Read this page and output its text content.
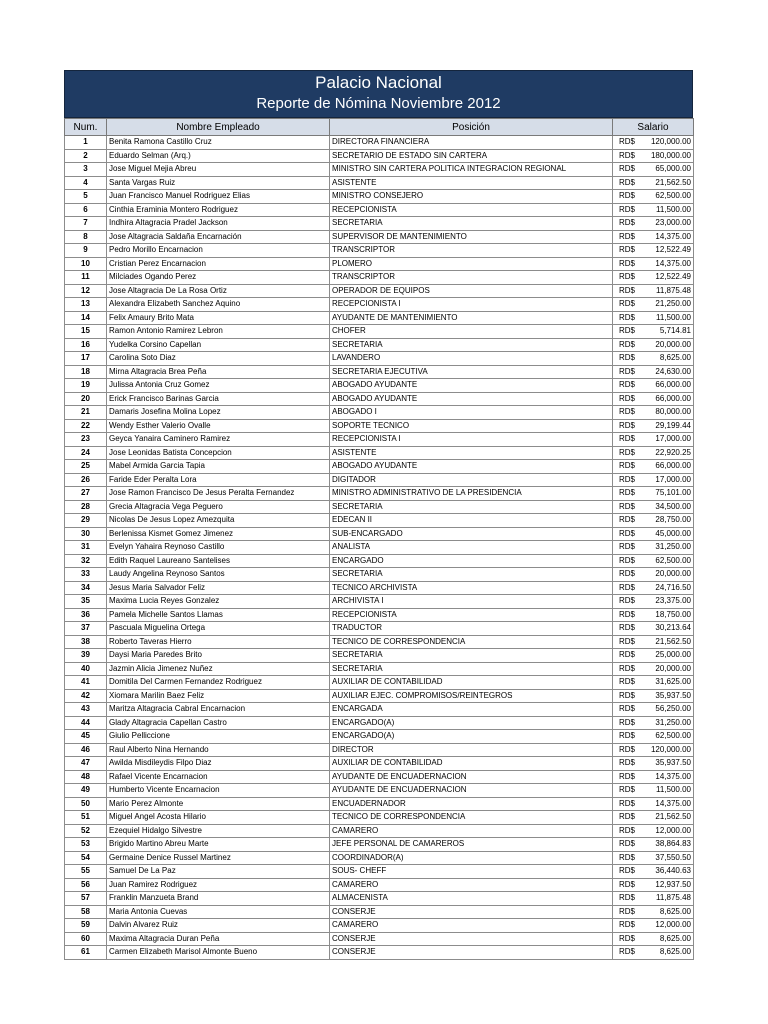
Palacio Nacional
Reporte de Nómina Noviembre 2012
Num.	Nombre Empleado	Posición	Salario
1	Benita Ramona Castillo Cruz	DIRECTORA FINANCIERA	RD$ 120,000.00

2	Eduardo Selman (Arq.)	SECRETARIO DE ESTADO SIN CARTERA	RD$ 180,000.00

3	Jose Miguel Mejia Abreu	MINISTRO SIN CARTERA POLITICA INTEGRACION REGIONAL	RD$ 65,000.00

4	Santa Vargas Ruiz	ASISTENTE	RD$ 21,562.50

5	Juan Francisco Manuel Rodriguez Elias	MINISTRO CONSEJERO	RD$ 62,500.00

6	Cinthia Eraminia Montero Rodriguez	RECEPCIONISTA	RD$ 11,500.00

7	Indhira Altagracia Pradel Jackson	SECRETARIA	RD$ 23,000.00

8	Jose Altagracia Saldaña Encarnación	SUPERVISOR DE MANTENIMIENTO	RD$ 14,375.00

9	Pedro Morillo Encarnacion	TRANSCRIPTOR	RD$ 12,522.49

10	Cristian Perez Encarnacion	PLOMERO	RD$ 14,375.00

11	Milciades Ogando Perez	TRANSCRIPTOR	RD$ 12,522.49

12	Jose Altagracia De La Rosa Ortiz	OPERADOR DE EQUIPOS	RD$ 11,875.48

13	Alexandra Elizabeth Sanchez Aquino	RECEPCIONISTA I	RD$ 21,250.00

14	Felix Amaury Brito Mata	AYUDANTE DE MANTENIMIENTO	RD$ 11,500.00

15	Ramon Antonio Ramirez Lebron	CHOFER	RD$ 5,714.81

16	Yudelka Corsino Capellan	SECRETARIA	RD$ 20,000.00

17	Carolina Soto Diaz	LAVANDERO	RD$ 8,625.00

18	Mirna Altagracia Brea Peña	SECRETARIA EJECUTIVA	RD$ 24,630.00

19	Julissa Antonia Cruz Gomez	ABOGADO AYUDANTE	RD$ 66,000.00

20	Erick Francisco Barinas Garcia	ABOGADO AYUDANTE	RD$ 66,000.00

21	Damaris Josefina Molina Lopez	ABOGADO I	RD$ 80,000.00

22	Wendy Esther Valerio Ovalle	SOPORTE TECNICO	RD$ 29,199.44

23	Geyca Yanaira Caminero Ramirez	RECEPCIONISTA I	RD$ 17,000.00

24	Jose Leonidas Batista Concepcion	ASISTENTE	RD$ 22,920.25

25	Mabel Armida Garcia Tapia	ABOGADO AYUDANTE	RD$ 66,000.00

26	Faride Eder Peralta Lora	DIGITADOR	RD$ 17,000.00

27	Jose Ramon Francisco De Jesus Peralta Fernandez	MINISTRO ADMINISTRATIVO DE LA PRESIDENCIA	RD$ 75,101.00

28	Grecia Altagracia Vega Peguero	SECRETARIA	RD$ 34,500.00

29	Nicolas De Jesus Lopez Amezquita	EDECAN II	RD$ 28,750.00

30	Berlenissa Kismet Gomez Jimenez	SUB-ENCARGADO	RD$ 45,000.00

31	Evelyn Yahaira Reynoso Castillo	ANALISTA	RD$ 31,250.00

32	Edith Raquel Laureano Santelises	ENCARGADO	RD$ 62,500.00

33	Laudy Angelina Reynoso Santos	SECRETARIA	RD$ 20,000.00

34	Jesus Maria Salvador Feliz	TECNICO ARCHIVISTA	RD$ 24,716.50

35	Maxima Lucia Reyes Gonzalez	ARCHIVISTA I	RD$ 23,375.00

36	Pamela Michelle Santos Llamas	RECEPCIONISTA	RD$ 18,750.00

37	Pascuala Miguelina Ortega	TRADUCTOR	RD$ 30,213.64

38	Roberto Taveras Hierro	TECNICO DE CORRESPONDENCIA	RD$ 21,562.50

39	Daysi Maria Paredes Brito	SECRETARIA	RD$ 25,000.00

40	Jazmin Alicia Jimenez Nuñez	SECRETARIA	RD$ 20,000.00

41	Domitila Del Carmen Fernandez Rodriguez	AUXILIAR DE CONTABILIDAD	RD$ 31,625.00

42	Xiomara Marilin Baez Feliz	AUXILIAR EJEC. COMPROMISOS/REINTEGROS	RD$ 35,937.50

43	Maritza Altagracia Cabral Encarnacion	ENCARGADA	RD$ 56,250.00

44	Glady Altagracia Capellan Castro	ENCARGADO(A)	RD$ 31,250.00

45	Giulio Pelliccione	ENCARGADO(A)	RD$ 62,500.00

46	Raul Alberto Nina Hernando	DIRECTOR	RD$ 120,000.00

47	Awilda Misdileydis Filpo Diaz	AUXILIAR DE CONTABILIDAD	RD$ 35,937.50

48	Rafael Vicente Encarnacion	AYUDANTE DE ENCUADERNACION	RD$ 14,375.00

49	Humberto Vicente Encarnacion	AYUDANTE DE ENCUADERNACION	RD$ 11,500.00

50	Mario Perez Almonte	ENCUADERNADOR	RD$ 14,375.00

51	Miguel Angel Acosta Hilario	TECNICO DE CORRESPONDENCIA	RD$ 21,562.50

52	Ezequiel Hidalgo Silvestre	CAMARERO	RD$ 12,000.00

53	Brigido Martino Abreu Marte	JEFE PERSONAL DE CAMAREROS	RD$ 38,864.83

54	Germaine Denice Russel Martinez	COORDINADOR(A)	RD$ 37,550.50

55	Samuel De La Paz	SOUS- CHEFF	RD$ 36,440.63

56	Juan Ramirez Rodriguez	CAMARERO	RD$ 12,937.50

57	Franklin Manzueta Brand	ALMACENISTA	RD$ 11,875.48

58	Maria Antonia Cuevas	CONSERJE	RD$ 8,625.00

59	Dalvin Alvarez Ruiz	CAMARERO	RD$ 12,000.00

60	Maxima Altagracia Duran Peña	CONSERJE	RD$ 8,625.00

61	Carmen Elizabeth Marisol Almonte Bueno	CONSERJE	RD$ 8,625.00
